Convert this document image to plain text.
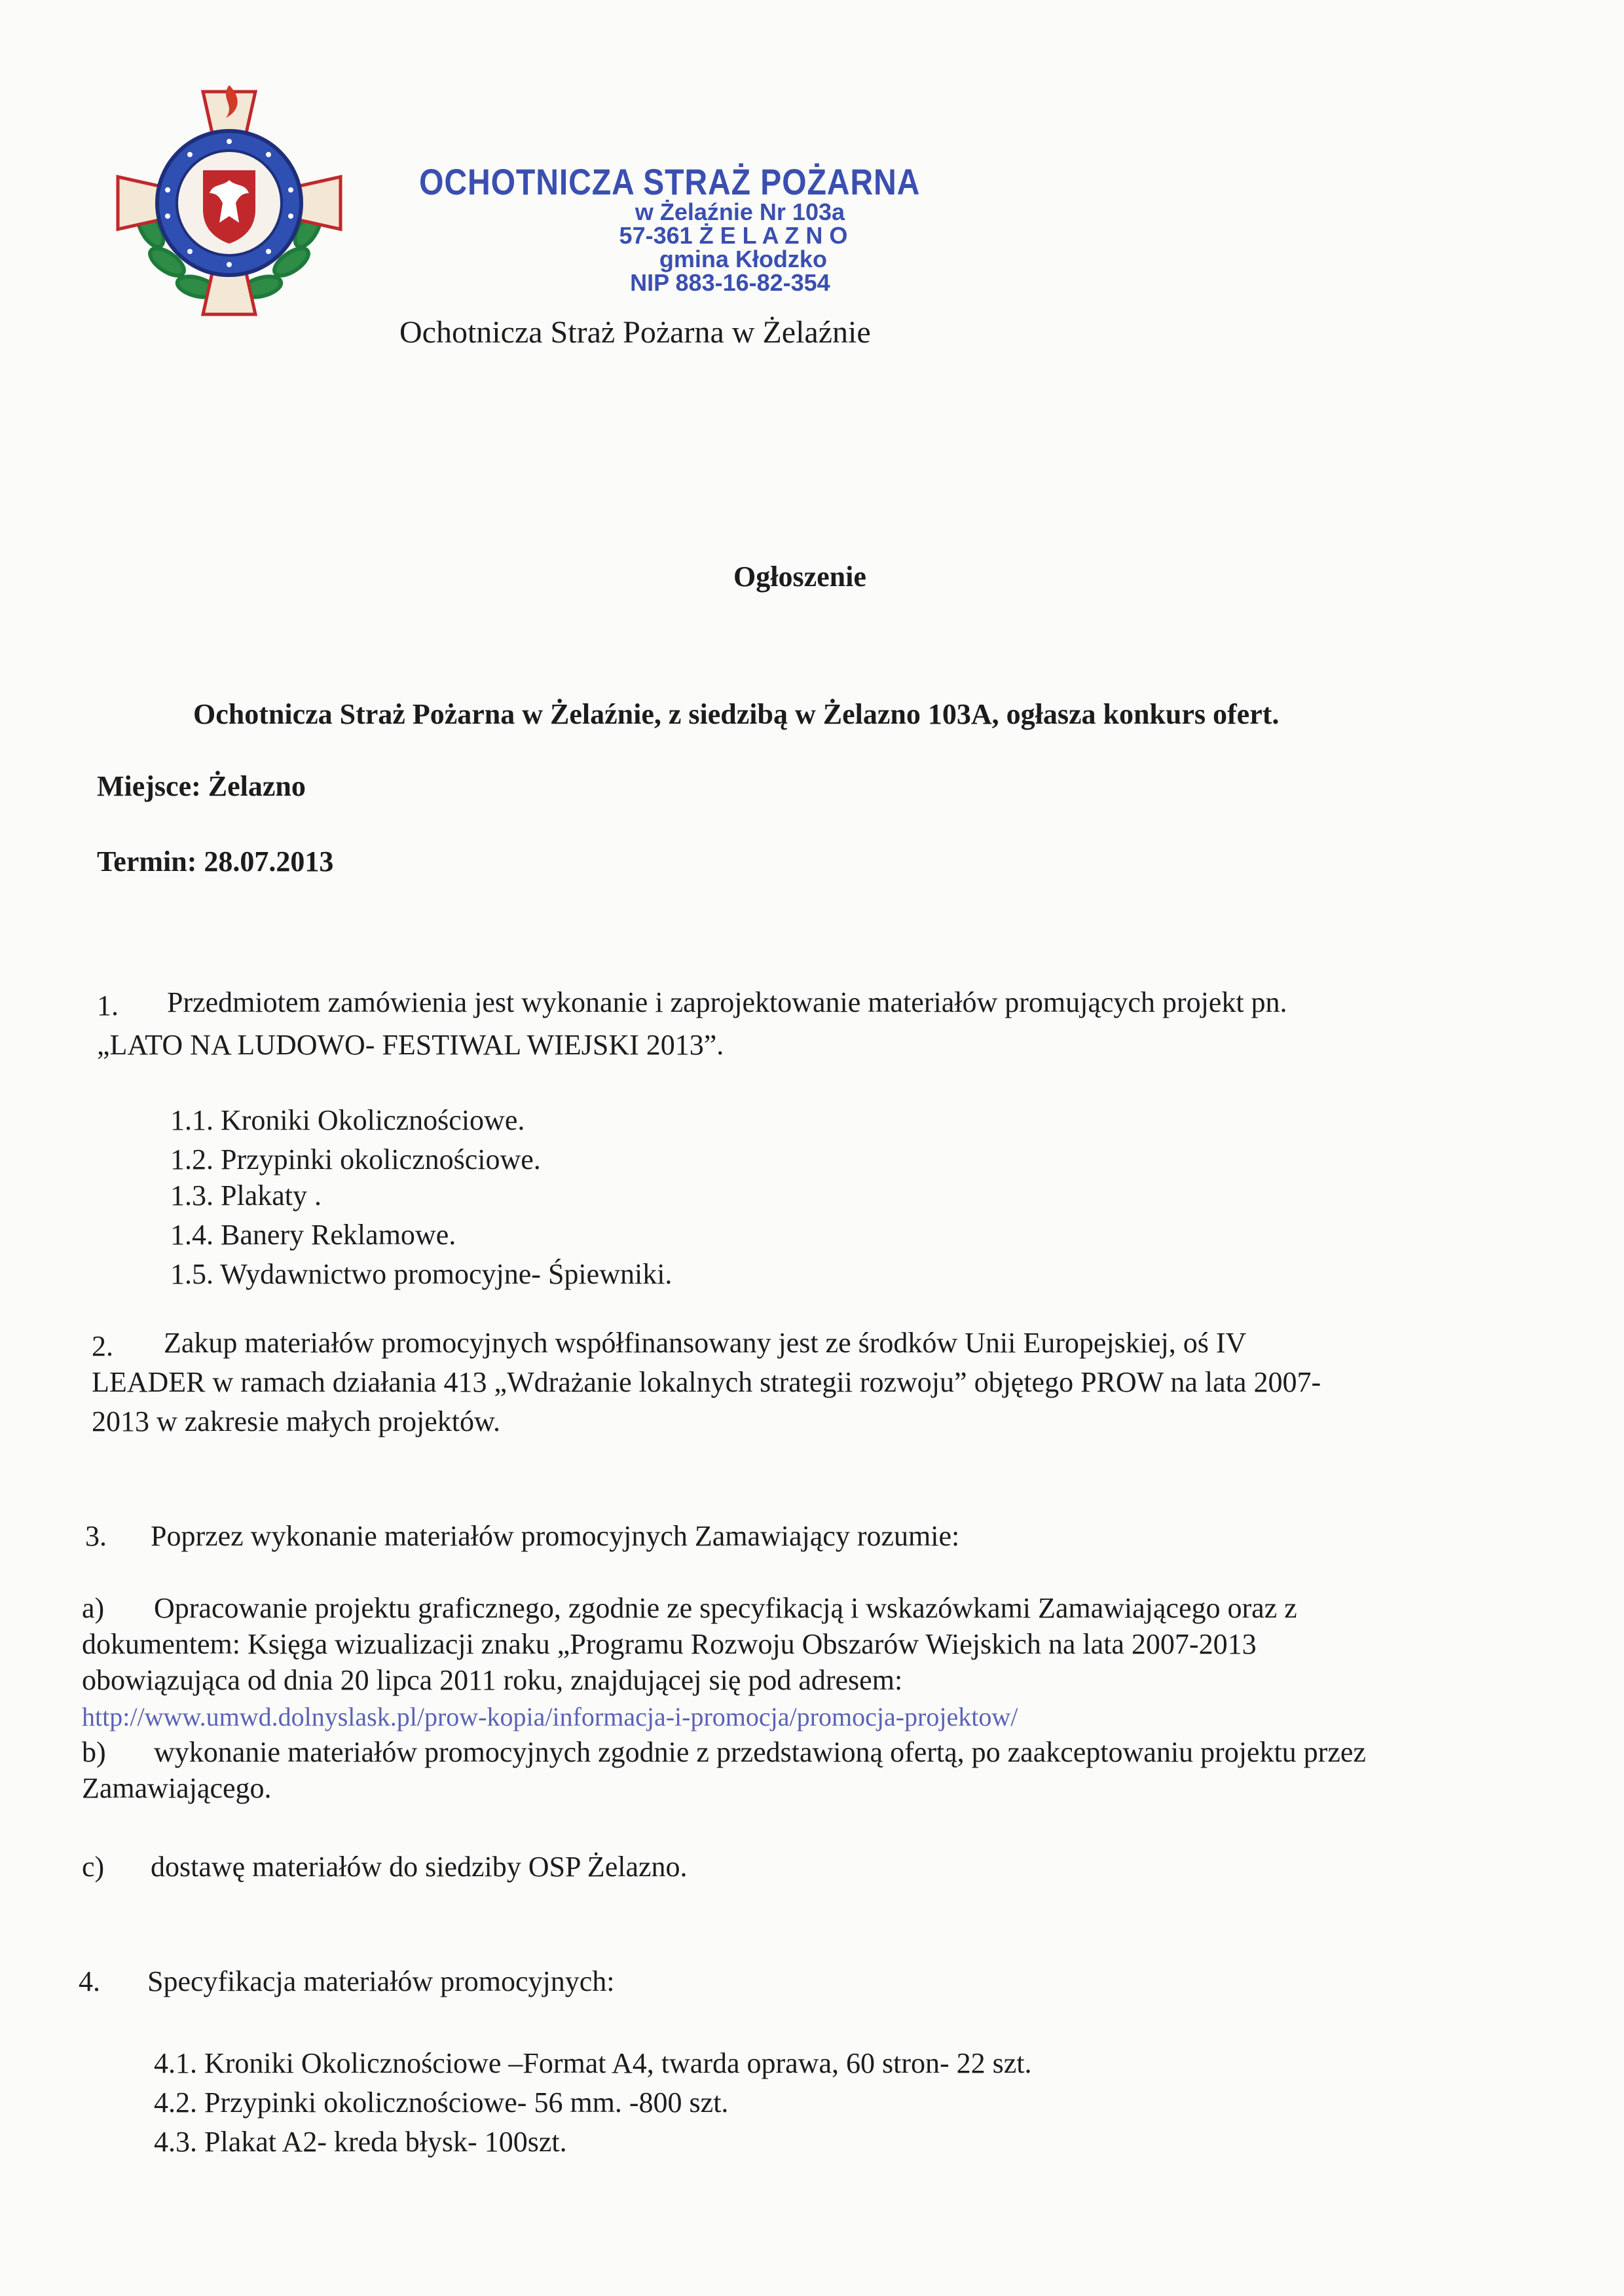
OCHOTNICZA STRAŻ POŻARNA
w Żelaźnie Nr 103a
57-361 Ż E L A Z N O
gmina Kłodzko
NIP 883-16-82-354

Ochotnicza Straż Pożarna w Żelaźnie

Ogłoszenie

Ochotnicza Straż Pożarna w Żelaźnie, z siedzibą w Żelazno 103A, ogłasza konkurs ofert.

Miejsce: Żelazno

Termin: 28.07.2013

1. Przedmiotem zamówienia jest wykonanie i zaprojektowanie materiałów promujących projekt pn.

„LATO NA LUDOWO- FESTIWAL WIEJSKI 2013”.

1.1. Kroniki Okolicznościowe.

1.2. Przypinki okolicznościowe.

1.3. Plakaty .

1.4. Banery Reklamowe.

1.5. Wydawnictwo promocyjne- Śpiewniki.

2. Zakup materiałów promocyjnych współfinansowany jest ze środków Unii Europejskiej, oś IV

LEADER w ramach działania 413 „Wdrażanie lokalnych strategii rozwoju” objętego PROW na lata 2007-

2013 w zakresie małych projektów.

3. Poprzez wykonanie materiałów promocyjnych Zamawiający rozumie:

a) Opracowanie projektu graficznego, zgodnie ze specyfikacją i wskazówkami Zamawiającego oraz z

dokumentem: Księga wizualizacji znaku „Programu Rozwoju Obszarów Wiejskich na lata 2007-2013

obowiązująca od dnia 20 lipca 2011 roku, znajdującej się pod adresem:

http://www.umwd.dolnyslask.pl/prow-kopia/informacja-i-promocja/promocja-projektow/

b) wykonanie materiałów promocyjnych zgodnie z przedstawioną ofertą, po zaakceptowaniu projektu przez

Zamawiającego.

c) dostawę materiałów do siedziby OSP Żelazno.

4. Specyfikacja materiałów promocyjnych:

4.1. Kroniki Okolicznościowe –Format A4, twarda oprawa, 60 stron- 22 szt.

4.2. Przypinki okolicznościowe- 56 mm. -800 szt.

4.3. Plakat A2- kreda błysk- 100szt.
